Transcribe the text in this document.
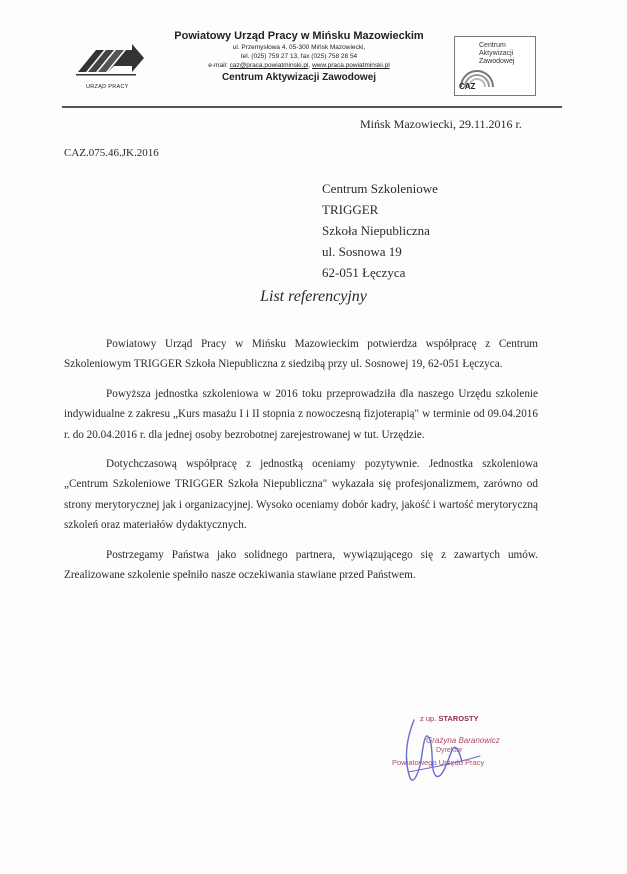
URZĄD PRACY
Powiatowy Urząd Pracy w Mińsku Mazowieckim
ul. Przemysłowa 4, 05-300 Mińsk Mazowiecki,
tel. (025) 759 27 13, fax (025) 758 28 54
e-mail: caz@praca.powiatminski.pl, www.praca.powiatminski.pl
Centrum Aktywizacji Zawodowej
Centrum
Aktywizacji
Zawodowej
CAZ
Mińsk Mazowiecki, 29.11.2016 r.
CAZ.075.46.JK.2016
Centrum Szkoleniowe
TRIGGER
Szkoła Niepubliczna
ul. Sosnowa 19
62-051 Łęczyca
List referencyjny

Powiatowy Urząd Pracy w Mińsku Mazowieckim potwierdza współpracę z Centrum Szkoleniowym TRIGGER Szkoła Niepubliczna z siedzibą przy ul. Sosnowej 19, 62-051 Łęczyca.

Powyższa jednostka szkoleniowa w 2016 toku przeprowadziła dla naszego Urzędu szkolenie indywidualne z zakresu „Kurs masażu I i II stopnia z nowoczesną fizjoterapią" w terminie od 09.04.2016 r. do 20.04.2016 r. dla jednej osoby bezrobotnej zarejestrowanej w tut. Urzędzie.

Dotychczasową współpracę z jednostką oceniamy pozytywnie. Jednostka szkoleniowa „Centrum Szkoleniowe TRIGGER Szkoła Niepubliczna" wykazała się profesjonalizmem, zarówno od strony merytorycznej jak i organizacyjnej. Wysoko oceniamy dobór kadry, jakość i wartość merytoryczną szkoleń oraz materiałów dydaktycznych.

Postrzegamy Państwa jako solidnego partnera, wywiązującego się z zawartych umów. Zrealizowane szkolenie spełniło nasze oczekiwania stawiane przed Państwem.

z up. STAROSTY
Grażyna Baranowicz
Dyrektor
Powiatowego Urzędu Pracy
